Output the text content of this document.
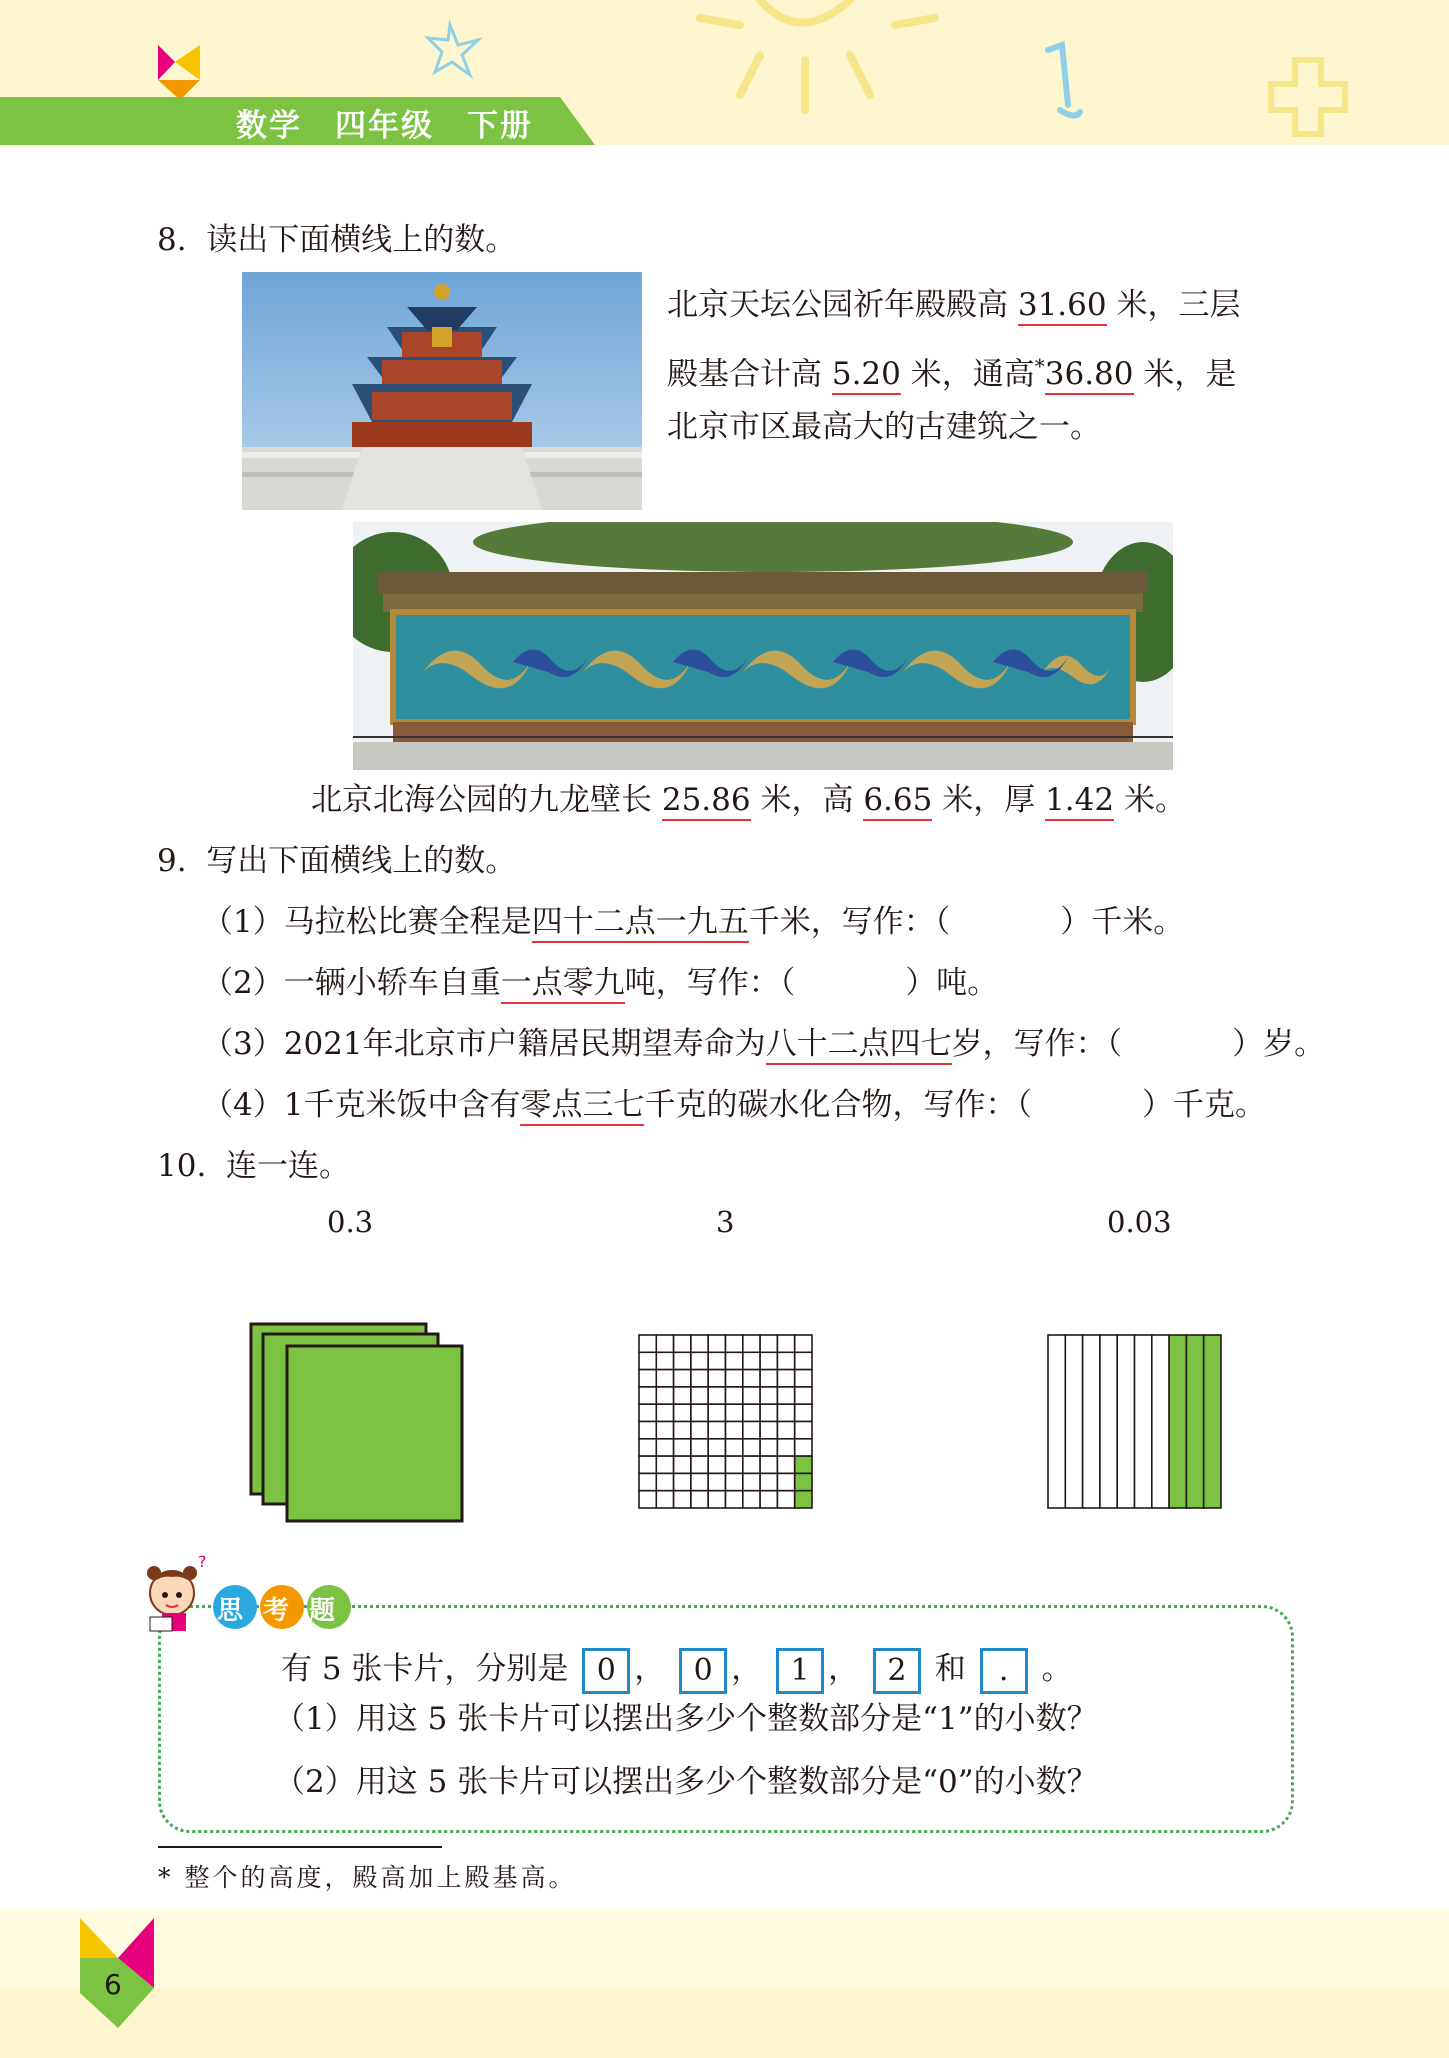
数学　四年级　下册
8. 读出下面横线上的数。
北京天坛公园祈年殿殿高 31.60 米，三层
殿基合计高 5.20 米，通高*36.80 米，是
北京市区最高大的古建筑之一。
北京北海公园的九龙壁长 25.86 米，高 6.65 米，厚 1.42 米。
9. 写出下面横线上的数。
（1）马拉松比赛全程是四十二点一九五千米，写作：（	）千米。
（2）一辆小轿车自重一点零九吨，写作：（	）吨。
（3）2021年北京市户籍居民期望寿命为八十二点四七岁，写作：（	）岁。
（4）1千克米饭中含有零点三七千克的碳水化合物，写作：（	）千克。
10. 连一连。
0.3	3	0.03
?
思考题
有 5 张卡片，分别是 0 ， 0 ， 1 ， 2 和 . 。
（1）用这 5 张卡片可以摆出多少个整数部分是“1”的小数？
（2）用这 5 张卡片可以摆出多少个整数部分是“0”的小数？
* 整个的高度，殿高加上殿基高。
6
